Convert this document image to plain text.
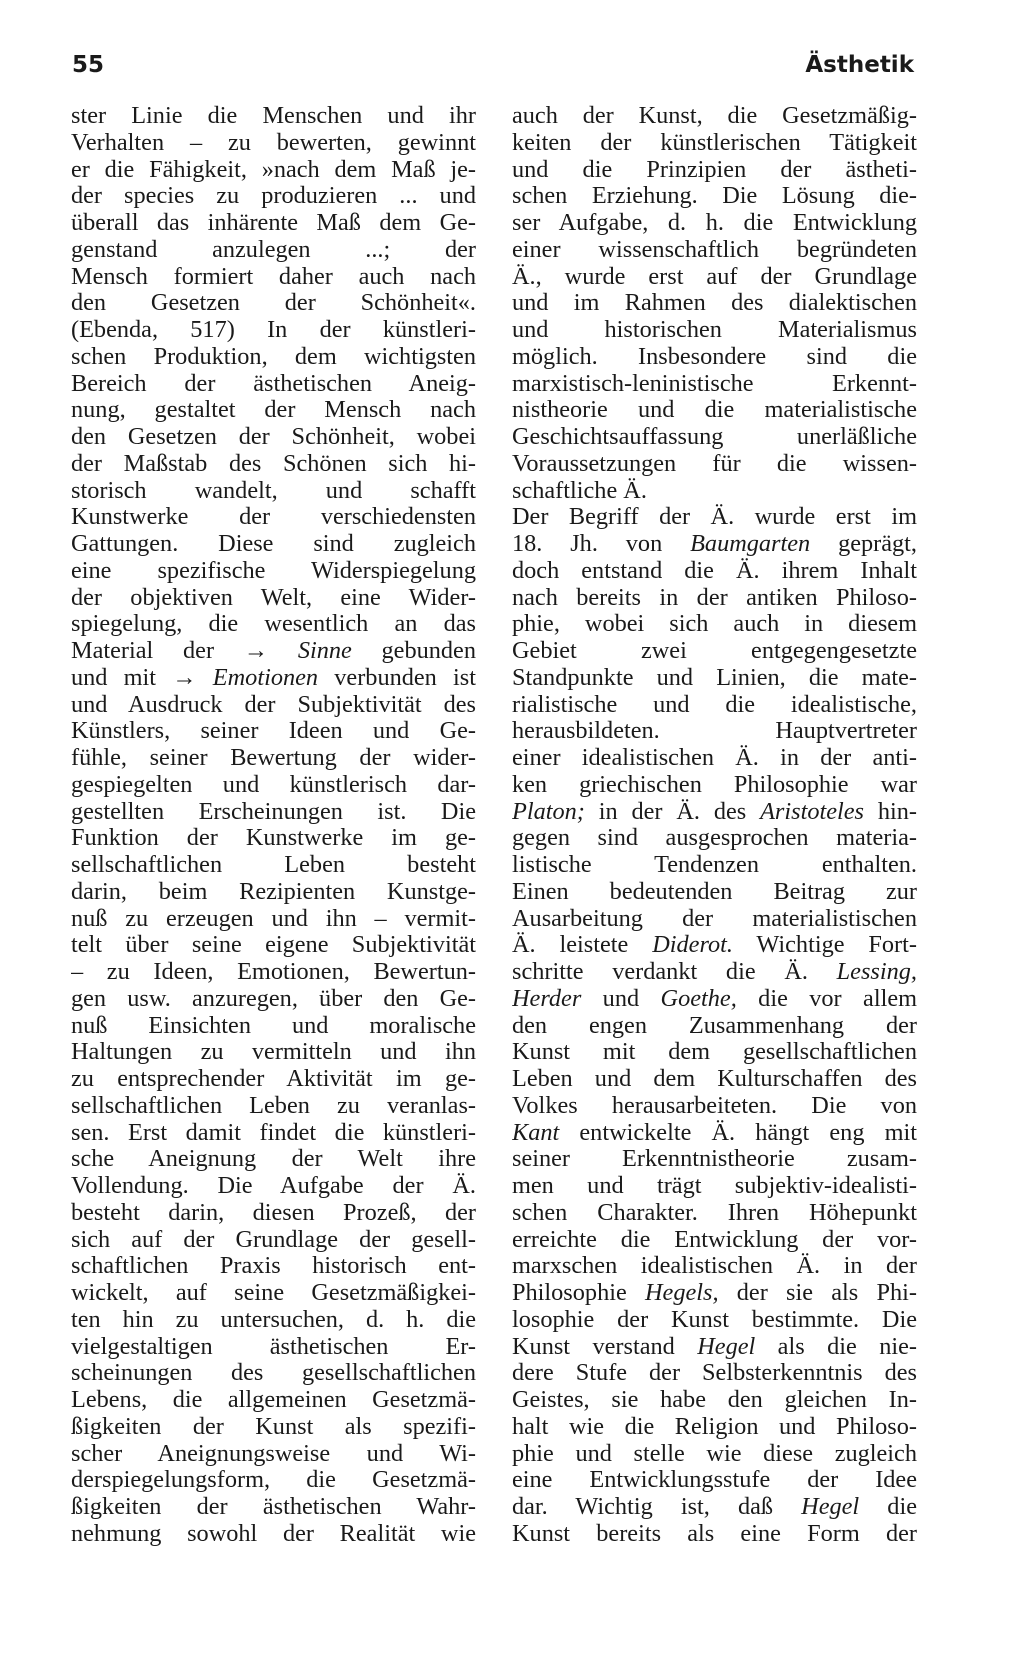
55	Ästhetik
ster Linie die Menschen und ihr
Verhalten – zu bewerten, gewinnt
er die Fähigkeit, »nach dem Maß je-
der species zu produzieren ... und
überall das inhärente Maß dem Ge-
genstand anzulegen ...; der
Mensch formiert daher auch nach
den Gesetzen der Schönheit«.
(Ebenda, 517) In der künstleri-
schen Produktion, dem wichtigsten
Bereich der ästhetischen Aneig-
nung, gestaltet der Mensch nach
den Gesetzen der Schönheit, wobei
der Maßstab des Schönen sich hi-
storisch wandelt, und schafft
Kunstwerke der verschiedensten
Gattungen. Diese sind zugleich
eine spezifische Widerspiegelung
der objektiven Welt, eine Wider-
spiegelung, die wesentlich an das
Material der → Sinne gebunden
und mit → Emotionen verbunden ist
und Ausdruck der Subjektivität des
Künstlers, seiner Ideen und Ge-
fühle, seiner Bewertung der wider-
gespiegelten und künstlerisch dar-
gestellten Erscheinungen ist. Die
Funktion der Kunstwerke im ge-
sellschaftlichen Leben besteht
darin, beim Rezipienten Kunstge-
nuß zu erzeugen und ihn – vermit-
telt über seine eigene Subjektivität
– zu Ideen, Emotionen, Bewertun-
gen usw. anzuregen, über den Ge-
nuß Einsichten und moralische
Haltungen zu vermitteln und ihn
zu entsprechender Aktivität im ge-
sellschaftlichen Leben zu veranlas-
sen. Erst damit findet die künstleri-
sche Aneignung der Welt ihre
Vollendung. Die Aufgabe der Ä.
besteht darin, diesen Prozeß, der
sich auf der Grundlage der gesell-
schaftlichen Praxis historisch ent-
wickelt, auf seine Gesetzmäßigkei-
ten hin zu untersuchen, d. h. die
vielgestaltigen ästhetischen Er-
scheinungen des gesellschaftlichen
Lebens, die allgemeinen Gesetzmä-
ßigkeiten der Kunst als spezifi-
scher Aneignungsweise und Wi-
derspiegelungsform, die Gesetzmä-
ßigkeiten der ästhetischen Wahr-
nehmung sowohl der Realität wie
auch der Kunst, die Gesetzmäßig-
keiten der künstlerischen Tätigkeit
und die Prinzipien der ästheti-
schen Erziehung. Die Lösung die-
ser Aufgabe, d. h. die Entwicklung
einer wissenschaftlich begründeten
Ä., wurde erst auf der Grundlage
und im Rahmen des dialektischen
und historischen Materialismus
möglich. Insbesondere sind die
marxistisch-leninistische Erkennt-
nistheorie und die materialistische
Geschichtsauffassung unerläßliche
Voraussetzungen für die wissen-
schaftliche Ä.
Der Begriff der Ä. wurde erst im
18. Jh. von Baumgarten geprägt,
doch entstand die Ä. ihrem Inhalt
nach bereits in der antiken Philoso-
phie, wobei sich auch in diesem
Gebiet zwei entgegengesetzte
Standpunkte und Linien, die mate-
rialistische und die idealistische,
herausbildeten. Hauptvertreter
einer idealistischen Ä. in der anti-
ken griechischen Philosophie war
Platon; in der Ä. des Aristoteles hin-
gegen sind ausgesprochen materia-
listische Tendenzen enthalten.
Einen bedeutenden Beitrag zur
Ausarbeitung der materialistischen
Ä. leistete Diderot. Wichtige Fort-
schritte verdankt die Ä. Lessing,
Herder und Goethe, die vor allem
den engen Zusammenhang der
Kunst mit dem gesellschaftlichen
Leben und dem Kulturschaffen des
Volkes herausarbeiteten. Die von
Kant entwickelte Ä. hängt eng mit
seiner Erkenntnistheorie zusam-
men und trägt subjektiv-idealisti-
schen Charakter. Ihren Höhepunkt
erreichte die Entwicklung der vor-
marxschen idealistischen Ä. in der
Philosophie Hegels, der sie als Phi-
losophie der Kunst bestimmte. Die
Kunst verstand Hegel als die nie-
dere Stufe der Selbsterkenntnis des
Geistes, sie habe den gleichen In-
halt wie die Religion und Philoso-
phie und stelle wie diese zugleich
eine Entwicklungsstufe der Idee
dar. Wichtig ist, daß Hegel die
Kunst bereits als eine Form der
